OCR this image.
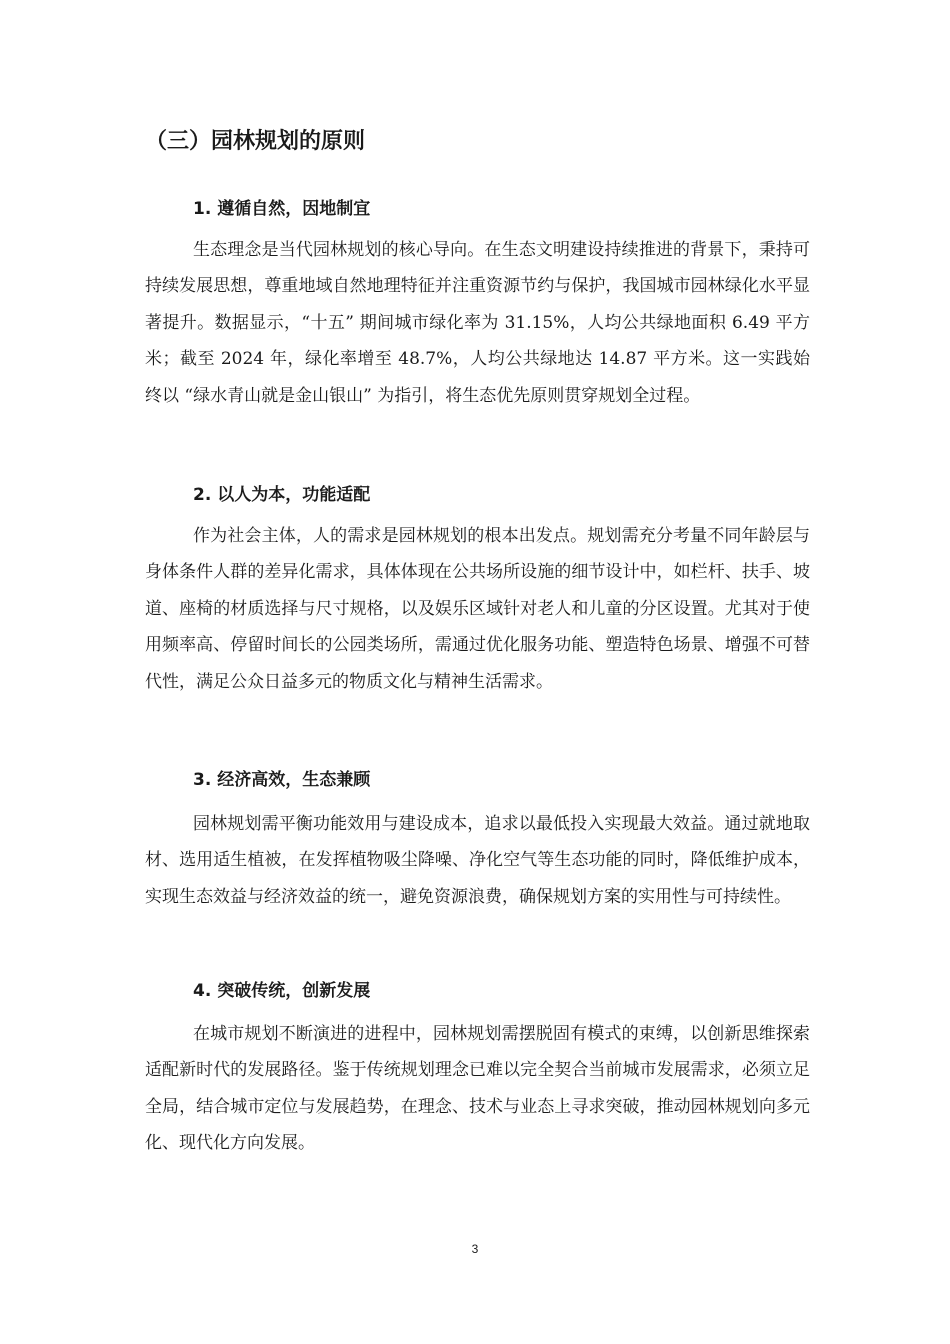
（三）园林规划的原则
1. 遵循自然，因地制宜

生态理念是当代园林规划的核心导向。在生态文明建设持续推进的背景下，秉持可持续发展思想，尊重地域自然地理特征并注重资源节约与保护，我国城市园林绿化水平显著提升。数据显示，“十五” 期间城市绿化率为 31.15%，人均公共绿地面积 6.49 平方米；截至 2024 年，绿化率增至 48.7%，人均公共绿地达 14.87 平方米。这一实践始终以 “绿水青山就是金山银山” 为指引，将生态优先原则贯穿规划全过程。

2. 以人为本，功能适配

作为社会主体，人的需求是园林规划的根本出发点。规划需充分考量不同年龄层与身体条件人群的差异化需求，具体体现在公共场所设施的细节设计中，如栏杆、扶手、坡道、座椅的材质选择与尺寸规格，以及娱乐区域针对老人和儿童的分区设置。尤其对于使用频率高、停留时间长的公园类场所，需通过优化服务功能、塑造特色场景、增强不可替代性，满足公众日益多元的物质文化与精神生活需求。

3. 经济高效，生态兼顾

园林规划需平衡功能效用与建设成本，追求以最低投入实现最大效益。通过就地取材、选用适生植被，在发挥植物吸尘降噪、净化空气等生态功能的同时，降低维护成本，实现生态效益与经济效益的统一，避免资源浪费，确保规划方案的实用性与可持续性。

4. 突破传统，创新发展

在城市规划不断演进的进程中，园林规划需摆脱固有模式的束缚，以创新思维探索适配新时代的发展路径。鉴于传统规划理念已难以完全契合当前城市发展需求，必须立足全局，结合城市定位与发展趋势，在理念、技术与业态上寻求突破，推动园林规划向多元化、现代化方向发展。

3
